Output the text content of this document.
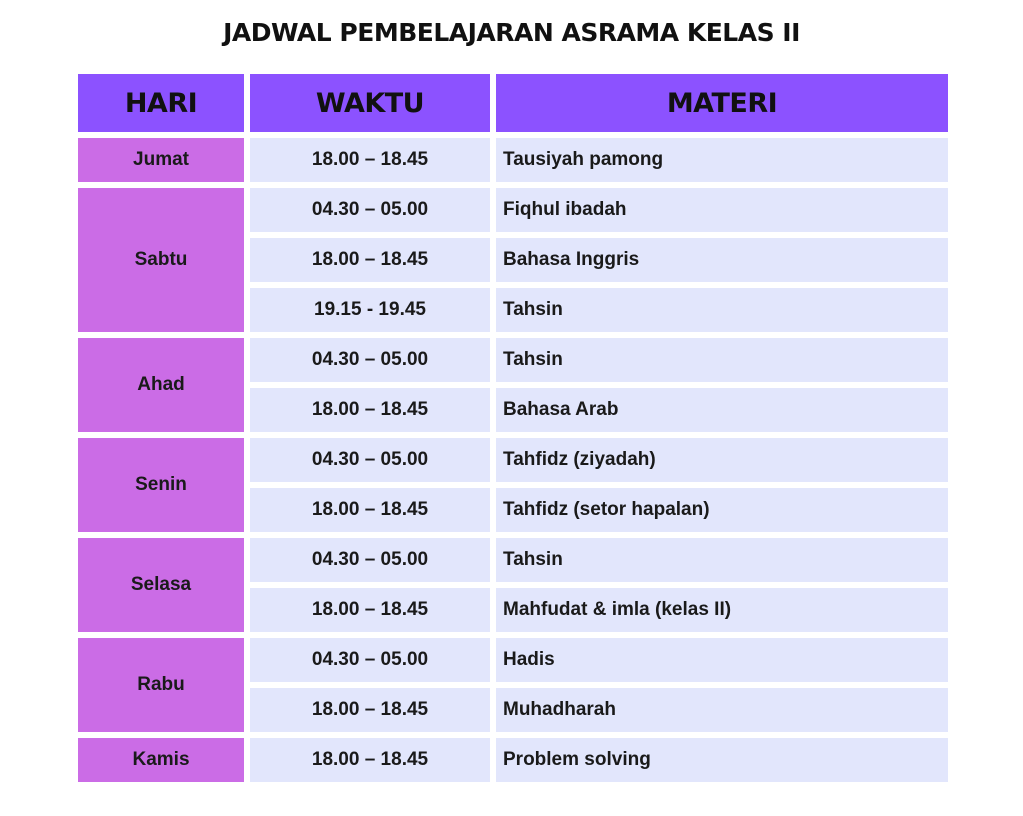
JADWAL PEMBELAJARAN ASRAMA KELAS II
HARI	WAKTU	MATERI
Jumat	18.00 – 18.45	Tausiyah pamong
Sabtu	04.30 – 05.00	Fiqhul ibadah
	18.00 – 18.45	Bahasa Inggris
	19.15 - 19.45	Tahsin
Ahad	04.30 – 05.00	Tahsin
	18.00 – 18.45	Bahasa Arab
Senin	04.30 – 05.00	Tahfidz (ziyadah)
	18.00 – 18.45	Tahfidz (setor hapalan)
Selasa	04.30 – 05.00	Tahsin
	18.00 – 18.45	Mahfudat & imla (kelas II)
Rabu	04.30 – 05.00	Hadis
	18.00 – 18.45	Muhadharah
Kamis	18.00 – 18.45	Problem solving
